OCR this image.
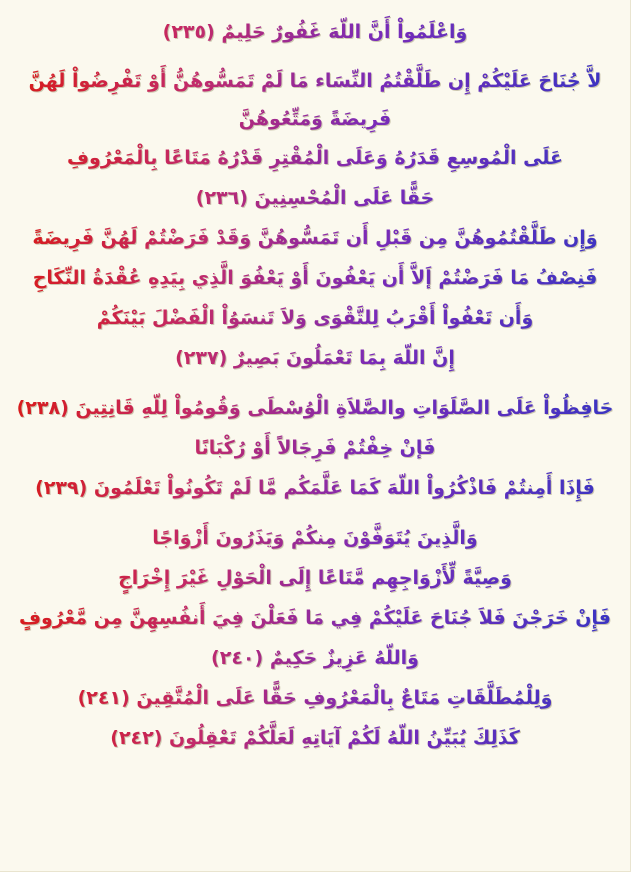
وَاعْلَمُواْ أَنَّ اللّهَ غَفُورٌ حَلِيمٌ (٢٣٥)
لاَّ جُنَاحَ عَلَيْكُمْ إِن طَلَّقْتُمُ النِّسَاء مَا لَمْ تَمَسُّوهُنُّ أَوْ تَفْرِضُواْ لَهُنَّ فَرِيضَةً وَمَتِّعُوهُنَّ
عَلَى الْمُوسِعِ قَدَرُهُ وَعَلَى الْمُقْتِرِ قَدْرُهُ مَتَاعًا بِالْمَعْرُوفِ
حَقًّا عَلَى الْمُحْسِنِينَ (٢٣٦)
وَإِن طَلَّقْتُمُوهُنَّ مِن قَبْلِ أَن تَمَسُّوهُنَّ وَقَدْ فَرَضْتُمْ لَهُنَّ فَرِيضَةً
فَنِصْفُ مَا فَرَضْتُمْ إَلاَّ أَن يَعْفُونَ أَوْ يَعْفُوَ الَّذِي بِيَدِهِ عُقْدَةُ النِّكَاحِ
وَأَن تَعْفُواْ أَقْرَبُ لِلتَّقْوَى وَلاَ تَنسَوُاْ الْفَضْلَ بَيْنَكُمْ
إِنَّ اللّهَ بِمَا تَعْمَلُونَ بَصِيرٌ (٢٣٧)
حَافِظُواْ عَلَى الصَّلَوَاتِ والصَّلاَةِ الْوُسْطَى وَقُومُواْ لِلّهِ قَانِتِينَ (٢٣٨)
فَإنْ خِفْتُمْ فَرِجَالاً أَوْ رُكْبَانًا
فَإِذَا أَمِنتُمْ فَاذْكُرُواْ اللّهَ كَمَا عَلَّمَكُم مَّا لَمْ تَكُونُواْ تَعْلَمُونَ (٢٣٩)
وَالَّذِينَ يُتَوَفَّوْنَ مِنكُمْ وَيَذَرُونَ أَزْوَاجًا
وَصِيَّةً لِّأَزْوَاجِهِم مَّتَاعًا إِلَى الْحَوْلِ غَيْرَ إِخْرَاجٍ
فَإِنْ خَرَجْنَ فَلاَ جُنَاحَ عَلَيْكُمْ فِي مَا فَعَلْنَ فِيَ أَنفُسِهِنَّ مِن مَّعْرُوفٍ
وَاللّهُ عَزِيزٌ حَكِيمٌ (٢٤٠)
وَلِلْمُطَلَّقَاتِ مَتَاعٌ بِالْمَعْرُوفِ حَقًّا عَلَى الْمُتَّقِينَ (٢٤١)
كَذَلِكَ يُبَيِّنُ اللّهُ لَكُمْ آيَاتِهِ لَعَلَّكُمْ تَعْقِلُونَ (٢٤٢)
